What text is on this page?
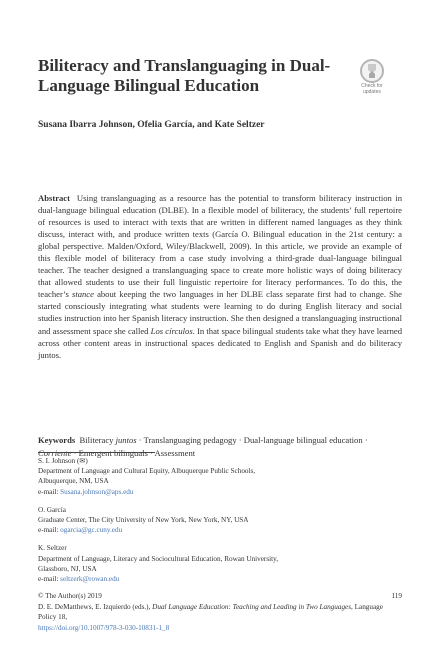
Biliteracy and Translanguaging in Dual-Language Bilingual Education	Check for
updates
Susana Ibarra Johnson, Ofelia García, and Kate Seltzer
Abstract Using translanguaging as a resource has the potential to transform biliteracy instruction in dual-language bilingual education (DLBE). In a flexible model of biliteracy, the students’ full repertoire of resources is used to interact with texts that are written in different named languages as they think discuss, interact with, and produce written texts (García O. Bilingual education in the 21st century: a global perspective. Malden/Oxford, Wiley/Blackwell, 2009). In this article, we provide an example of this flexible model of biliteracy from a case study involving a third-grade dual-language bilingual teacher. The teacher designed a translanguaging space to create more holistic ways of doing biliteracy that allowed students to use their full linguistic repertoire for literacy performances. To do this, the teacher’s stance about keeping the two languages in her DLBE class separate first had to change. She started consciously integrating what students were learning to do during English literacy and social studies instruction into her Spanish literacy instruction. She then designed a translanguaging instructional and assessment space she called Los círculos. In that space bilingual students take what they have learned across other content areas in instructional spaces dedicated to English and Spanish and do biliteracy juntos.
Keywords Biliteracy juntos · Translanguaging pedagogy · Dual-language bilingual education · Corriente · Emergent bilinguals · Assessment
S. I. Johnson (✉)
Department of Language and Cultural Equity, Albuquerque Public Schools,
Albuquerque, NM, USA
e-mail: Susana.johnson@aps.edu
O. García
Graduate Center, The City University of New York, New York, NY, USA
e-mail: ogarcia@gc.cuny.edu
K. Seltzer
Department of Language, Literacy and Sociocultural Education, Rowan University,
Glassboro, NJ, USA
e-mail: seltzerk@rowan.edu
© The Author(s) 2019	119
D. E. DeMatthews, E. Izquierdo (eds.), Dual Language Education: Teaching and Leading in Two Languages, Language Policy 18,
https://doi.org/10.1007/978-3-030-10831-1_8
